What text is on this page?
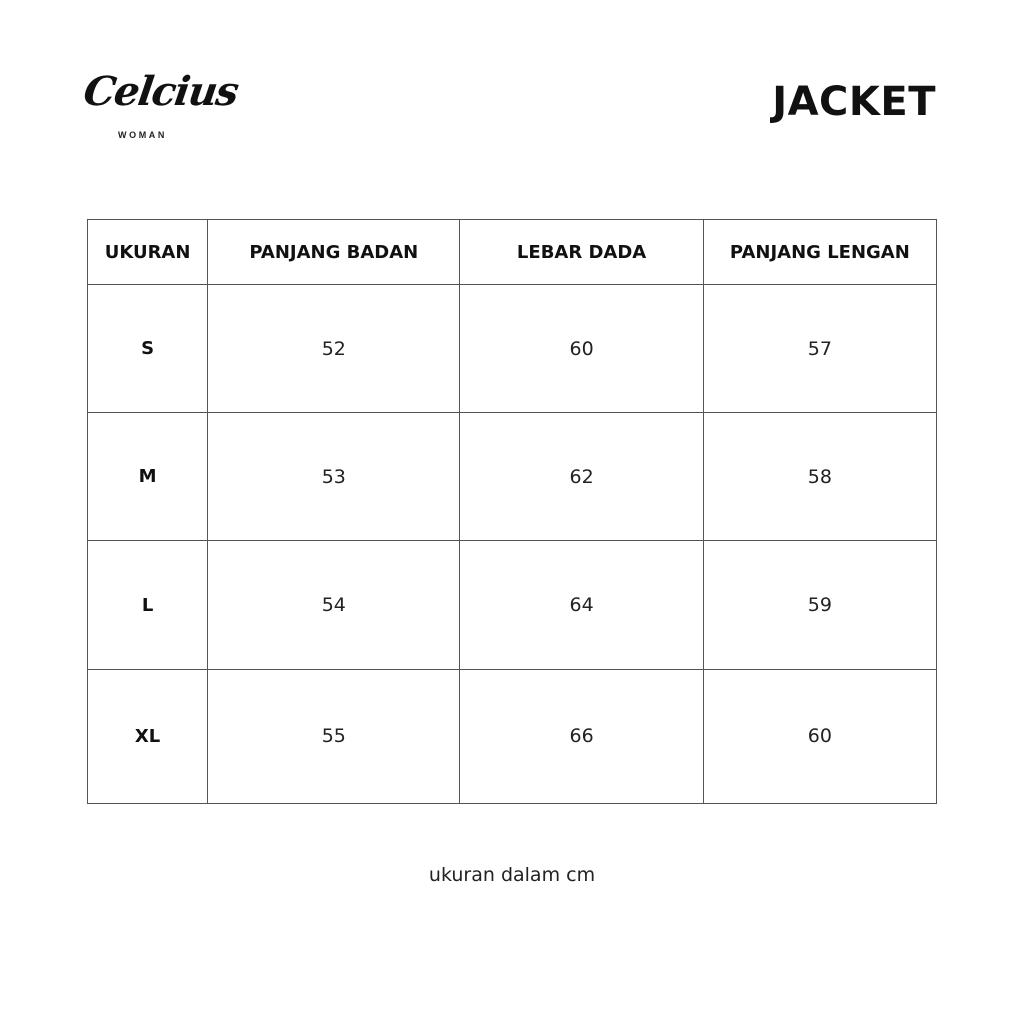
Celcius
WOMAN
JACKET
UKURAN	PANJANG BADAN	LEBAR DADA	PANJANG LENGAN
S	52	60	57
M	53	62	58
L	54	64	59
XL	55	66	60
ukuran dalam cm
